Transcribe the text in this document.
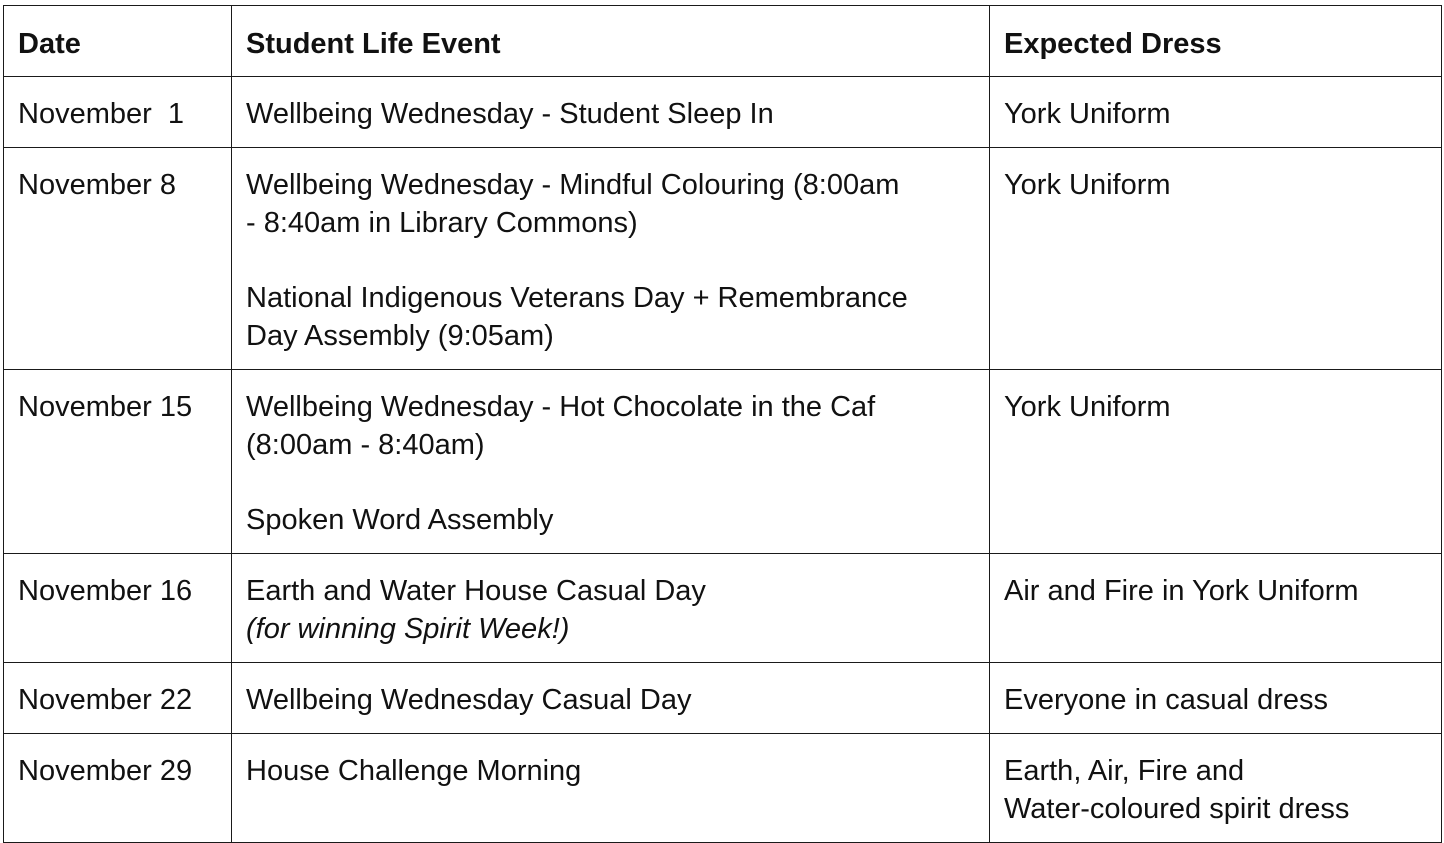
Date	Student Life Event	Expected Dress
November  1	Wellbeing Wednesday - Student Sleep In	York Uniform

November 8	Wellbeing Wednesday - Mindful Colouring (8:00am
- 8:40am in Library Commons)
National Indigenous Veterans Day + Remembrance
Day Assembly (9:05am)	York Uniform

November 15	Wellbeing Wednesday - Hot Chocolate in the Caf
(8:00am - 8:40am)
Spoken Word Assembly	York Uniform

November 16	Earth and Water House Casual Day
(for winning Spirit Week!)	Air and Fire in York Uniform

November 22	Wellbeing Wednesday Casual Day	Everyone in casual dress

November 29	House Challenge Morning	Earth, Air, Fire and
Water-coloured spirit dress
